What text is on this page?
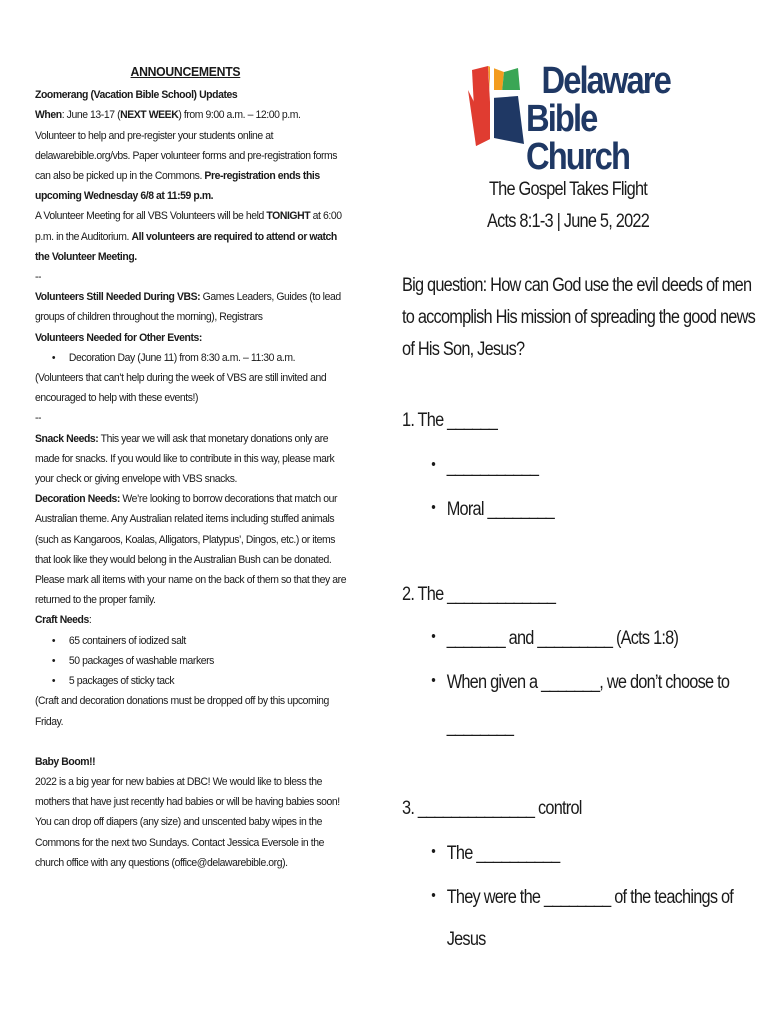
ANNOUNCEMENTS

Zoomerang (Vacation Bible School) Updates

When: June 13-17 (NEXT WEEK) from 9:00 a.m. – 12:00 p.m.

Volunteer to help and pre-register your students online at delawarebible.org/vbs. Paper volunteer forms and pre-registration forms can also be picked up in the Commons. Pre-registration ends this upcoming Wednesday 6/8 at 11:59 p.m.

A Volunteer Meeting for all VBS Volunteers will be held TONIGHT at 6:00 p.m. in the Auditorium. All volunteers are required to attend or watch the Volunteer Meeting.

--

Volunteers Still Needed During VBS: Games Leaders, Guides (to lead groups of children throughout the morning), Registrars

Volunteers Needed for Other Events:

• Decoration Day (June 11) from 8:30 a.m. – 11:30 a.m.

(Volunteers that can’t help during the week of VBS are still invited and encouraged to help with these events!)

--

Snack Needs: This year we will ask that monetary donations only are made for snacks. If you would like to contribute in this way, please mark your check or giving envelope with VBS snacks.

Decoration Needs: We’re looking to borrow decorations that match our Australian theme. Any Australian related items including stuffed animals (such as Kangaroos, Koalas, Alligators, Platypus’, Dingos, etc.) or items that look like they would belong in the Australian Bush can be donated. Please mark all items with your name on the back of them so that they are returned to the proper family.

Craft Needs:

• 65 containers of iodized salt
• 50 packages of washable markers
• 5 packages of sticky tack

(Craft and decoration donations must be dropped off by this upcoming Friday.

Baby Boom!!

2022 is a big year for new babies at DBC! We would like to bless the mothers that have just recently had babies or will be having babies soon! You can drop off diapers (any size) and unscented baby wipes in the Commons for the next two Sundays. Contact Jessica Eversole in the church office with any questions (office@delawarebible.org).

Delaware
Bible Church
The Gospel Takes Flight
Acts 8:1-3 | June 5, 2022
Big question: How can God use the evil deeds of men to accomplish His mission of spreading the good news of His Son, Jesus?
1. The ______
• ___________
• Moral ________
2. The _____________
• _______ and _________ (Acts 1:8)
• When given a _______, we don’t choose to
________
3. ______________ control
• The __________
• They were the ________ of the teachings of
Jesus
